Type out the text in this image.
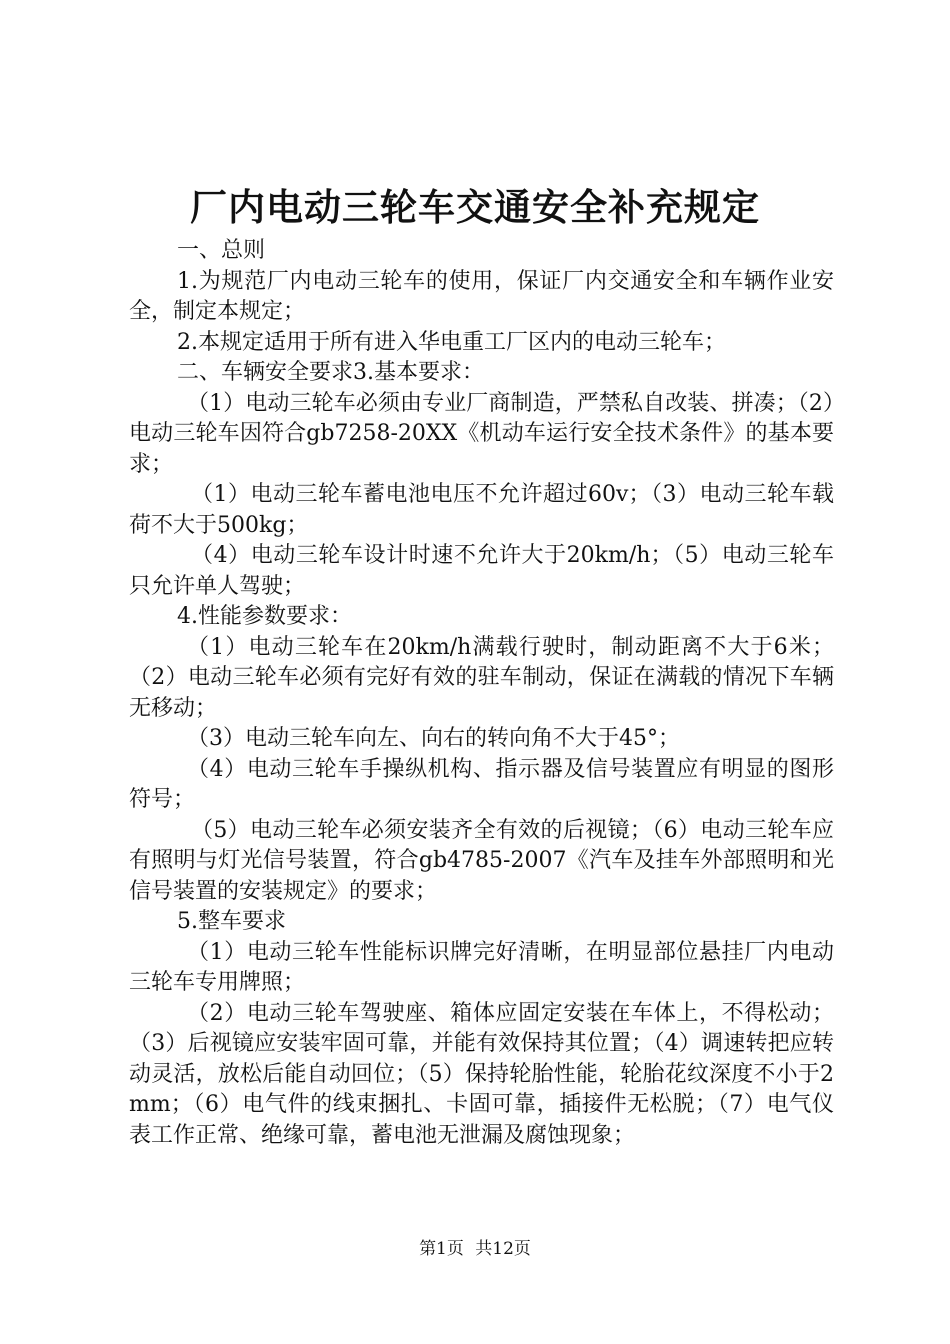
厂内电动三轮车交通安全补充规定

一、总则

1.为规范厂内电动三轮车的使用，保证厂内交通安全和车辆作业安全，制定本规定；

2.本规定适用于所有进入华电重工厂区内的电动三轮车；

二、车辆安全要求3.基本要求：

（1）电动三轮车必须由专业厂商制造，严禁私自改装、拼凑；（2）电动三轮车因符合gb7258-20XX《机动车运行安全技术条件》的基本要求；

（1）电动三轮车蓄电池电压不允许超过60v；（3）电动三轮车载荷不大于500kg；

（4）电动三轮车设计时速不允许大于20km/h；（5）电动三轮车只允许单人驾驶；

4.性能参数要求：

（1）电动三轮车在20km/h满载行驶时，制动距离不大于6米；（2）电动三轮车必须有完好有效的驻车制动，保证在满载的情况下车辆无移动；

（3）电动三轮车向左、向右的转向角不大于45°；

（4）电动三轮车手操纵机构、指示器及信号装置应有明显的图形符号；

（5）电动三轮车必须安装齐全有效的后视镜；（6）电动三轮车应有照明与灯光信号装置，符合gb4785-2007《汽车及挂车外部照明和光信号装置的安装规定》的要求；

5.整车要求

（1）电动三轮车性能标识牌完好清晰，在明显部位悬挂厂内电动三轮车专用牌照；

（2）电动三轮车驾驶座、箱体应固定安装在车体上，不得松动；（3）后视镜应安装牢固可靠，并能有效保持其位置；（4）调速转把应转动灵活，放松后能自动回位；（5）保持轮胎性能，轮胎花纹深度不小于2mm；（6）电气件的线束捆扎、卡固可靠，插接件无松脱；（7）电气仪表工作正常、绝缘可靠，蓄电池无泄漏及腐蚀现象；

第1页 共12页
